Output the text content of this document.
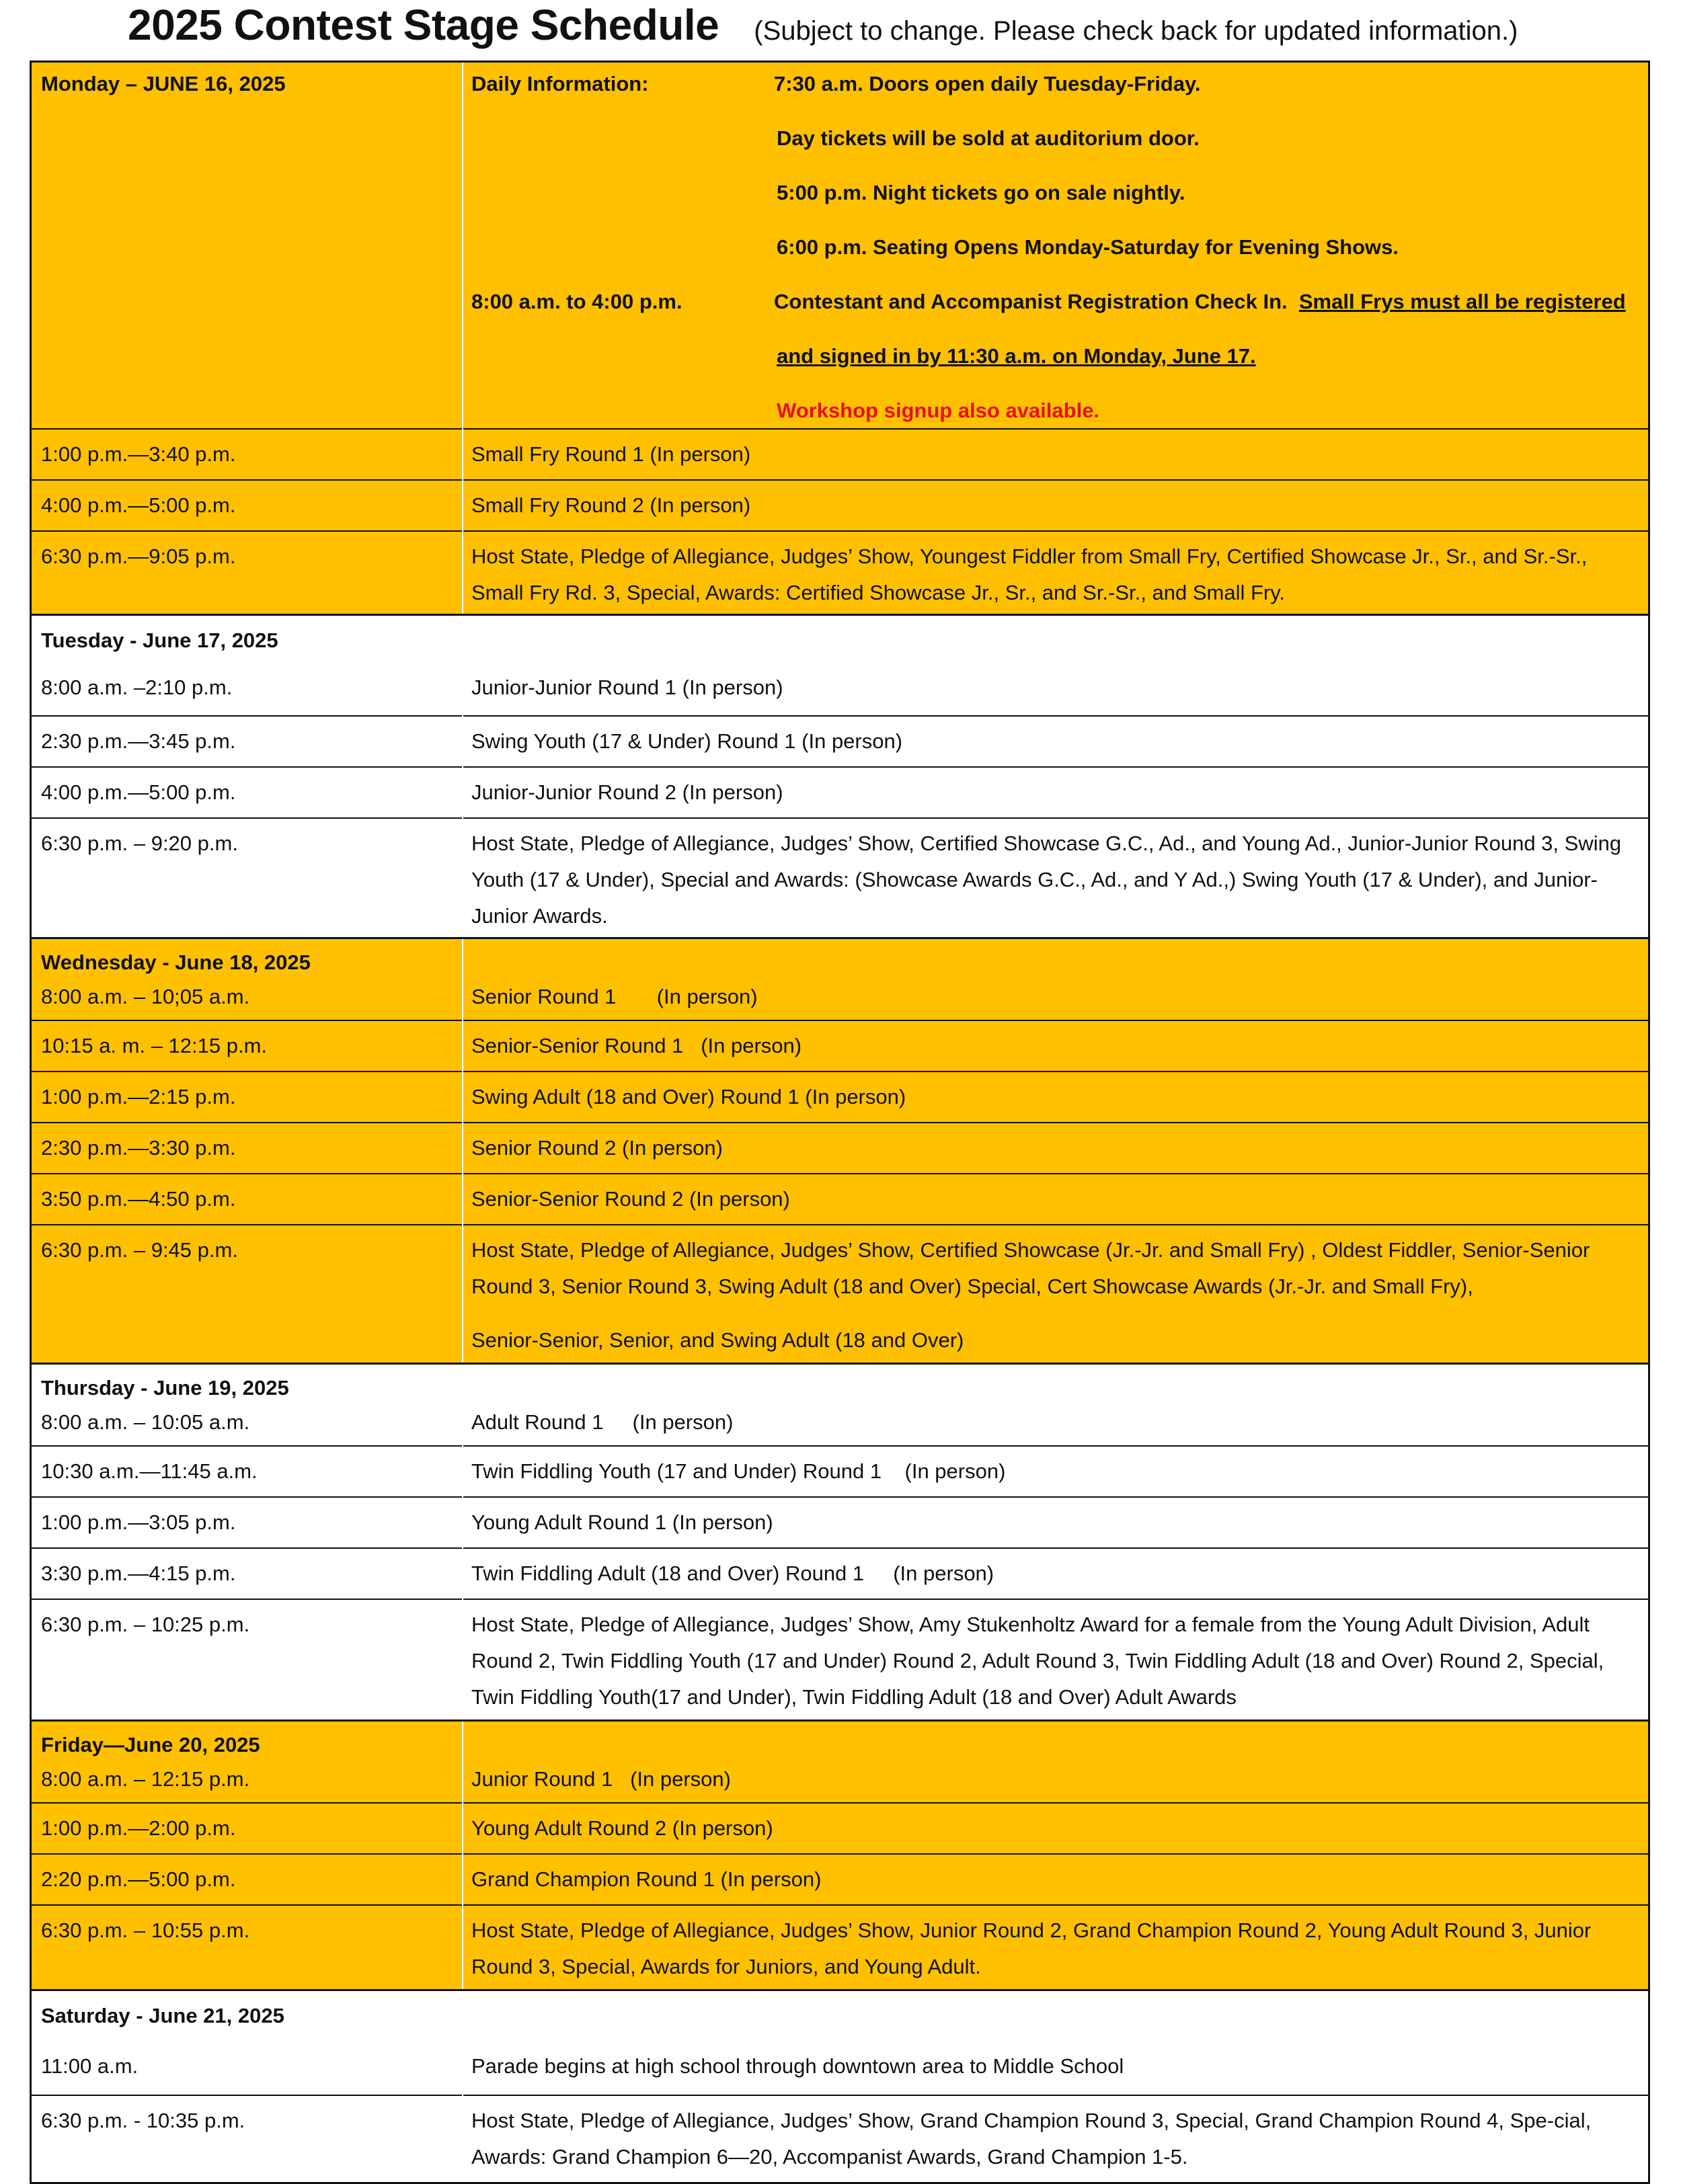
2025 Contest Stage Schedule (Subject to change. Please check back for updated information.)
Monday – JUNE 16, 2025	Daily Information:	7:30 a.m. Doors open daily Tuesday-Friday.
Day tickets will be sold at auditorium door.
5:00 p.m. Night tickets go on sale nightly.
6:00 p.m. Seating Opens Monday-Saturday for Evening Shows.
8:00 a.m. to 4:00 p.m.	Contestant and Accompanist Registration Check In. Small Frys must all be registered
and signed in by 11:30 a.m. on Monday, June 17.
Workshop signup also available.
1:00 p.m.—3:40 p.m.	Small Fry Round 1 (In person)
4:00 p.m.—5:00 p.m.	Small Fry Round 2 (In person)
6:30 p.m.—9:05 p.m.	Host State, Pledge of Allegiance, Judges’ Show, Youngest Fiddler from Small Fry, Certified Showcase Jr., Sr., and Sr.-Sr., Small Fry Rd. 3, Special, Awards: Certified Showcase Jr., Sr., and Sr.-Sr., and Small Fry.
Tuesday - June 17, 2025
8:00 a.m. –2:10 p.m.	Junior-Junior Round 1 (In person)
2:30 p.m.—3:45 p.m.	Swing Youth (17 & Under) Round 1 (In person)
4:00 p.m.—5:00 p.m.	Junior-Junior Round 2 (In person)
6:30 p.m. – 9:20 p.m.	Host State, Pledge of Allegiance, Judges’ Show, Certified Showcase G.C., Ad., and Young Ad., Junior-Junior Round 3, Swing Youth (17 & Under), Special and Awards: (Showcase Awards G.C., Ad., and Y Ad.,) Swing Youth (17 & Under), and Junior-Junior Awards.
Wednesday - June 18, 2025
8:00 a.m. – 10;05 a.m.	Senior Round 1       (In person)
10:15 a. m. – 12:15 p.m.	Senior-Senior Round 1   (In person)
1:00 p.m.—2:15 p.m.	Swing Adult (18 and Over) Round 1 (In person)
2:30 p.m.—3:30 p.m.	Senior Round 2 (In person)
3:50 p.m.—4:50 p.m.	Senior-Senior Round 2 (In person)
6:30 p.m. – 9:45 p.m.	Host State, Pledge of Allegiance, Judges’ Show, Certified Showcase (Jr.-Jr. and Small Fry) , Oldest Fiddler, Senior-Senior Round 3, Senior Round 3, Swing Adult (18 and Over) Special, Cert Showcase Awards (Jr.-Jr. and Small Fry),
Senior-Senior, Senior, and Swing Adult (18 and Over)
Thursday - June 19, 2025
8:00 a.m. – 10:05 a.m.	Adult Round 1     (In person)
10:30 a.m.—11:45 a.m.	Twin Fiddling Youth (17 and Under) Round 1    (In person)
1:00 p.m.—3:05 p.m.	Young Adult Round 1 (In person)
3:30 p.m.—4:15 p.m.	Twin Fiddling Adult (18 and Over) Round 1     (In person)
6:30 p.m. – 10:25 p.m.	Host State, Pledge of Allegiance, Judges’ Show, Amy Stukenholtz Award for a female from the Young Adult Division, Adult Round 2, Twin Fiddling Youth (17 and Under) Round 2, Adult Round 3, Twin Fiddling Adult (18 and Over) Round 2, Special, Twin Fiddling Youth(17 and Under), Twin Fiddling Adult (18 and Over) Adult Awards
Friday—June 20, 2025
8:00 a.m. – 12:15 p.m.	Junior Round 1   (In person)
1:00 p.m.—2:00 p.m.	Young Adult Round 2 (In person)
2:20 p.m.—5:00 p.m.	Grand Champion Round 1 (In person)
6:30 p.m. – 10:55 p.m.	Host State, Pledge of Allegiance, Judges’ Show, Junior Round 2, Grand Champion Round 2, Young Adult Round 3, Junior Round 3, Special, Awards for Juniors, and Young Adult.
Saturday - June 21, 2025
11:00 a.m.	Parade begins at high school through downtown area to Middle School
6:30 p.m. - 10:35 p.m.	Host State, Pledge of Allegiance, Judges’ Show, Grand Champion Round 3, Special, Grand Champion Round 4, Spe-cial, Awards: Grand Champion 6—20, Accompanist Awards, Grand Champion 1-5.
